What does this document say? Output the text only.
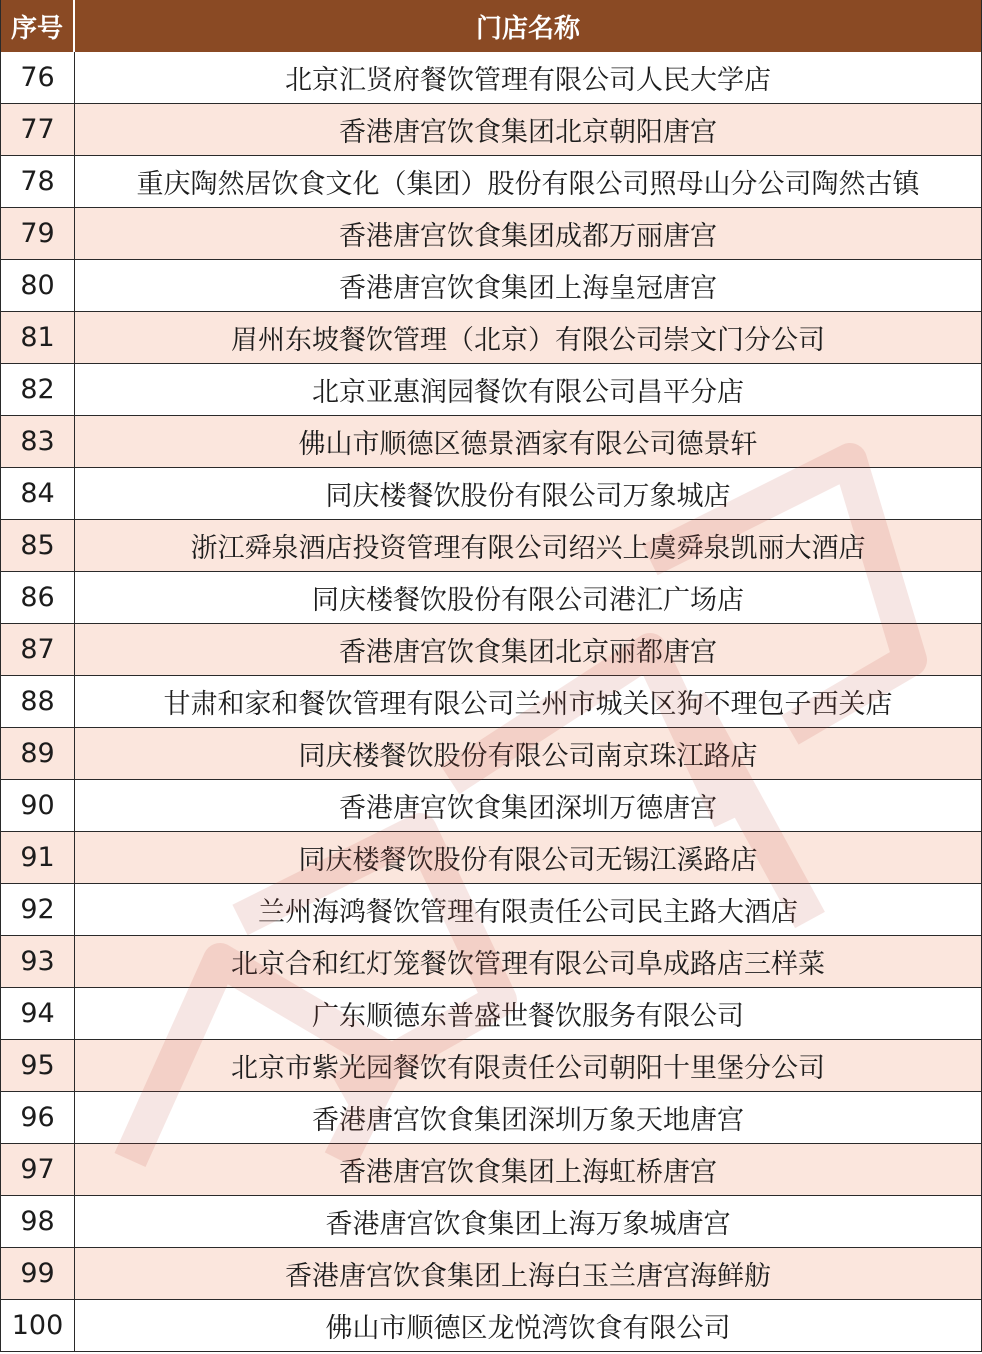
序号	门店名称
76	北京汇贤府餐饮管理有限公司人民大学店
77	香港唐宫饮食集团北京朝阳唐宫
78	重庆陶然居饮食文化（集团）股份有限公司照母山分公司陶然古镇
79	香港唐宫饮食集团成都万丽唐宫
80	香港唐宫饮食集团上海皇冠唐宫
81	眉州东坡餐饮管理（北京）有限公司崇文门分公司
82	北京亚惠润园餐饮有限公司昌平分店
83	佛山市顺德区德景酒家有限公司德景轩
84	同庆楼餐饮股份有限公司万象城店
85	浙江舜泉酒店投资管理有限公司绍兴上虞舜泉凯丽大酒店
86	同庆楼餐饮股份有限公司港汇广场店
87	香港唐宫饮食集团北京丽都唐宫
88	甘肃和家和餐饮管理有限公司兰州市城关区狗不理包子西关店
89	同庆楼餐饮股份有限公司南京珠江路店
90	香港唐宫饮食集团深圳万德唐宫
91	同庆楼餐饮股份有限公司无锡江溪路店
92	兰州海鸿餐饮管理有限责任公司民主路大酒店
93	北京合和红灯笼餐饮管理有限公司阜成路店三样菜
94	广东顺德东普盛世餐饮服务有限公司
95	北京市紫光园餐饮有限责任公司朝阳十里堡分公司
96	香港唐宫饮食集团深圳万象天地唐宫
97	香港唐宫饮食集团上海虹桥唐宫
98	香港唐宫饮食集团上海万象城唐宫
99	香港唐宫饮食集团上海白玉兰唐宫海鲜舫
100	佛山市顺德区龙悦湾饮食有限公司
